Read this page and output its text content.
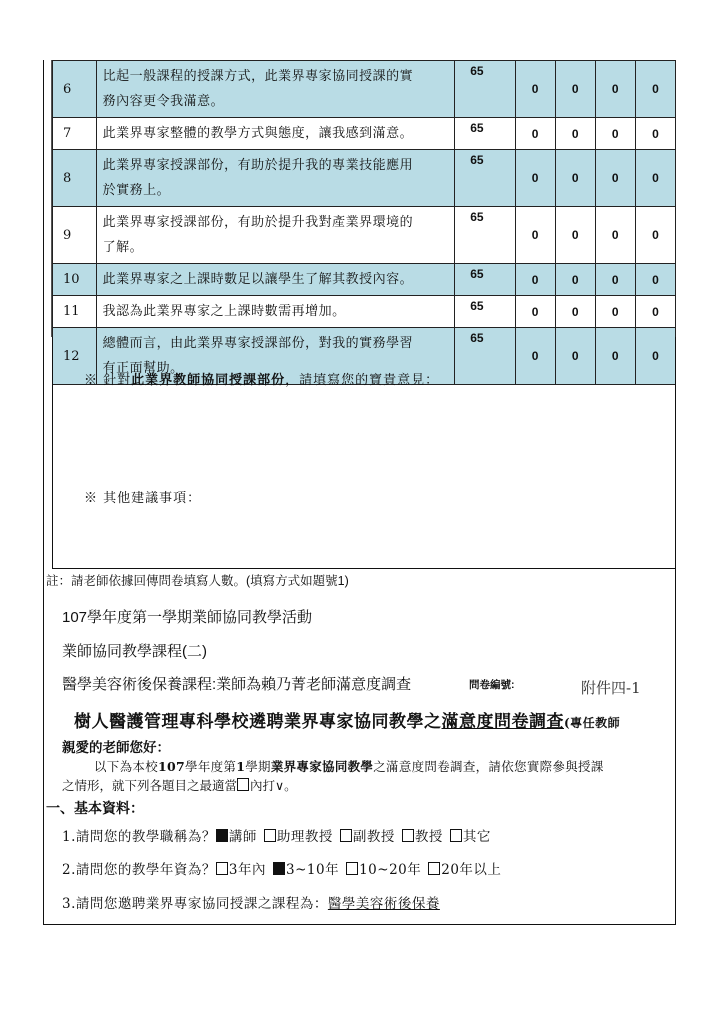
6	比起一般課程的授課方式，此業界專家協同授課的實
務內容更令我滿意。	65	0	0	0	0
7	此業界專家整體的教學方式與態度，讓我感到滿意。	65	0	0	0	0
8	此業界專家授課部份，有助於提升我的專業技能應用
於實務上。	65	0	0	0	0
9	此業界專家授課部份，有助於提升我對產業界環境的
了解。	65	0	0	0	0
10	此業界專家之上課時數足以讓學生了解其教授內容。	65	0	0	0	0
11	我認為此業界專家之上課時數需再增加。	65	0	0	0	0
12	總體而言，由此業界專家授課部份，對我的實務學習
有正面幫助。	65	0	0	0	0
※ 針對此業界教師協同授課部份，請填寫您的寶貴意見：
※ 其他建議事項：
註：請老師依據回傳問卷填寫人數。(填寫方式如題號1)
107學年度第一學期業師協同教學活動
業師協同教學課程(二)
醫學美容術後保養課程:業師為賴乃菁老師滿意度調查	問卷編號:	附件四-1
樹人醫護管理專科學校遴聘業界專家協同教學之滿意度問卷調查(專任教師
親愛的老師您好：
以下為本校107學年度第1學期業界專家協同教學之滿意度問卷調查，請依您實際參與授課
之情形，就下列各題目之最適當 內打∨。
一、基本資料：
1.請問您的教學職稱為？ 講師 助理教授 副教授 教授 其它
2.請問您的教學年資為？ 3年內 3~10年 10~20年 20年以上
3.請問您邀聘業界專家協同授課之課程為：醫學美容術後保養
